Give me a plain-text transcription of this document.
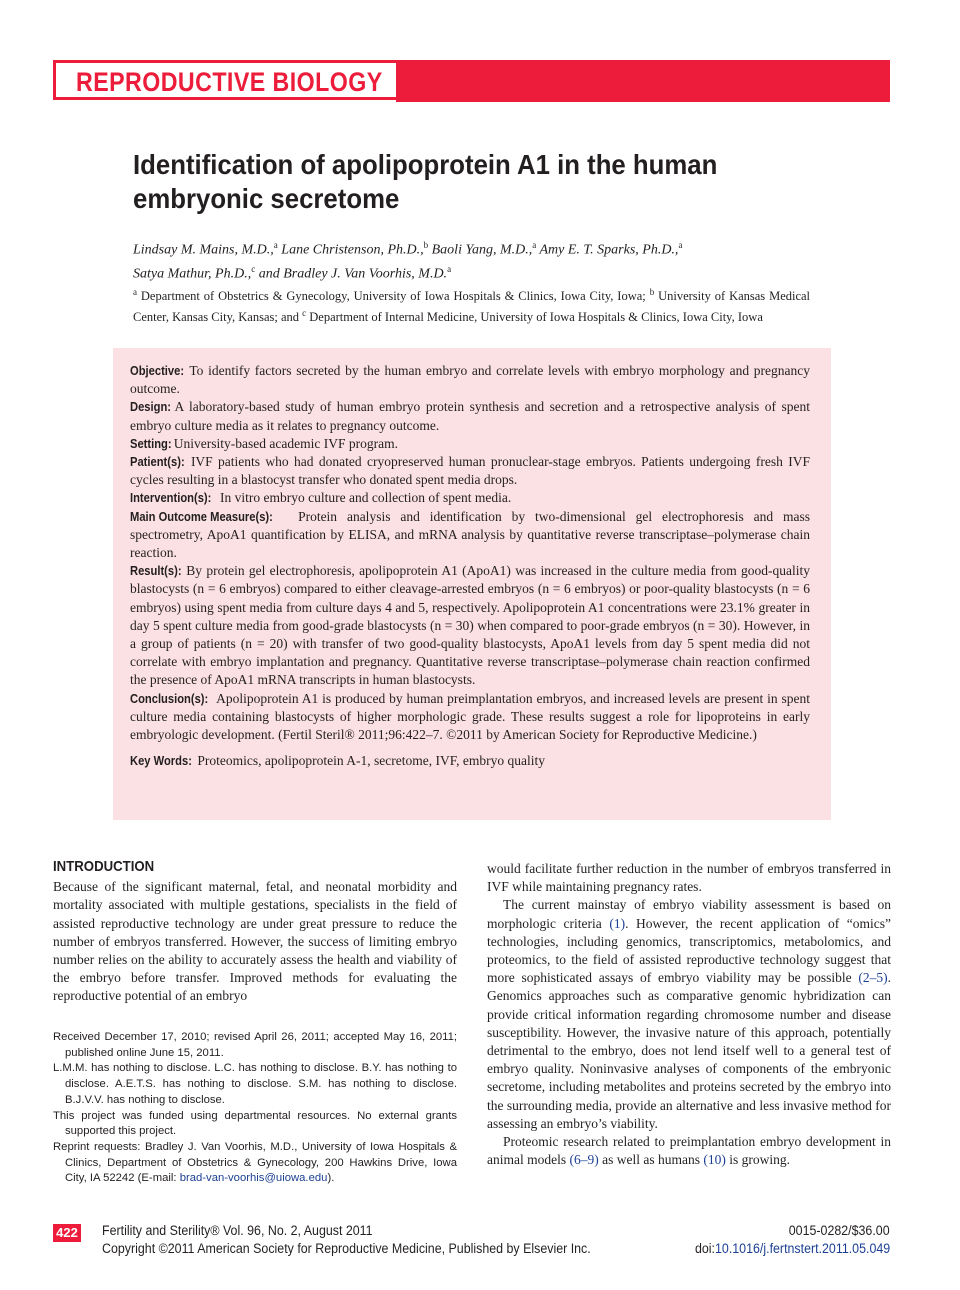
REPRODUCTIVE BIOLOGY
Identification of apolipoprotein A1 in the human
embryonic secretome
Lindsay M. Mains, M.D.,$^a$ Lane Christenson, Ph.D.,$^b$ Baoli Yang, M.D.,$^a$ Amy E. T. Sparks, Ph.D.,$^a$
Satya Mathur, Ph.D.,$^c$ and Bradley J. Van Voorhis, M.D.$^a$
$^a$ Department of Obstetrics & Gynecology, University of Iowa Hospitals & Clinics, Iowa City, Iowa; $^b$ University of Kansas Medical Center, Kansas City, Kansas; and $^c$ Department of Internal Medicine, University of Iowa Hospitals & Clinics, Iowa City, Iowa

Objective: To identify factors secreted by the human embryo and correlate levels with embryo morphology and pregnancy outcome.

Design: A laboratory-based study of human embryo protein synthesis and secretion and a retrospective analysis of spent embryo culture media as it relates to pregnancy outcome.

Setting: University-based academic IVF program.

Patient(s): IVF patients who had donated cryopreserved human pronuclear-stage embryos. Patients undergoing fresh IVF cycles resulting in a blastocyst transfer who donated spent media drops.

Intervention(s): In vitro embryo culture and collection of spent media.

Main Outcome Measure(s): Protein analysis and identification by two-dimensional gel electrophoresis and mass spectrometry, ApoA1 quantification by ELISA, and mRNA analysis by quantitative reverse transcriptase–polymerase chain reaction.

Result(s): By protein gel electrophoresis, apolipoprotein A1 (ApoA1) was increased in the culture media from good-quality blastocysts (n = 6 embryos) compared to either cleavage-arrested embryos (n = 6 embryos) or poor-quality blastocysts (n = 6 embryos) using spent media from culture days 4 and 5, respectively. Apolipoprotein A1 concentrations were 23.1% greater in day 5 spent culture media from good-grade blastocysts (n = 30) when compared to poor-grade embryos (n = 30). However, in a group of patients (n = 20) with transfer of two good-quality blastocysts, ApoA1 levels from day 5 spent media did not correlate with embryo implantation and pregnancy. Quantitative reverse transcriptase–polymerase chain reaction confirmed the presence of ApoA1 mRNA transcripts in human blastocysts.

Conclusion(s): Apolipoprotein A1 is produced by human preimplantation embryos, and increased levels are present in spent culture media containing blastocysts of higher morphologic grade. These results suggest a role for lipoproteins in early embryologic development. (Fertil Steril® 2011;96:422–7. ©2011 by American Society for Reproductive Medicine.)

Key Words: Proteomics, apolipoprotein A-1, secretome, IVF, embryo quality

INTRODUCTION

Because of the significant maternal, fetal, and neonatal morbidity and mortality associated with multiple gestations, specialists in the field of assisted reproductive technology are under great pressure to reduce the number of embryos transferred. However, the success of limiting embryo number relies on the ability to accurately assess the health and viability of the embryo before transfer. Improved methods for evaluating the reproductive potential of an embryo

would facilitate further reduction in the number of embryos transferred in IVF while maintaining pregnancy rates.

The current mainstay of embryo viability assessment is based on morphologic criteria (1). However, the recent application of “omics” technologies, including genomics, transcriptomics, metabolomics, and proteomics, to the field of assisted reproductive technology suggest that more sophisticated assays of embryo viability may be possible (2–5). Genomics approaches such as comparative genomic hybridization can provide critical information regarding chromosome number and disease susceptibility. However, the invasive nature of this approach, potentially detrimental to the embryo, does not lend itself well to a general test of embryo quality. Noninvasive analyses of components of the embryonic secretome, including metabolites and proteins secreted by the embryo into the surrounding media, provide an alternative and less invasive method for assessing an embryo’s viability.

Proteomic research related to preimplantation embryo development in animal models (6–9) as well as humans (10) is growing.

Received December 17, 2010; revised April 26, 2011; accepted May 16, 2011; published online June 15, 2011.

L.M.M. has nothing to disclose. L.C. has nothing to disclose. B.Y. has nothing to disclose. A.E.T.S. has nothing to disclose. S.M. has nothing to disclose. B.J.V.V. has nothing to disclose.

This project was funded using departmental resources. No external grants supported this project.

Reprint requests: Bradley J. Van Voorhis, M.D., University of Iowa Hospitals & Clinics, Department of Obstetrics & Gynecology, 200 Hawkins Drive, Iowa City, IA 52242 (E-mail: brad-van-voorhis@uiowa.edu).

422 Fertility and Sterility® Vol. 96, No. 2, August 2011
Copyright ©2011 American Society for Reproductive Medicine, Published by Elsevier Inc.
0015-0282/$36.00
doi:10.1016/j.fertnstert.2011.05.049
